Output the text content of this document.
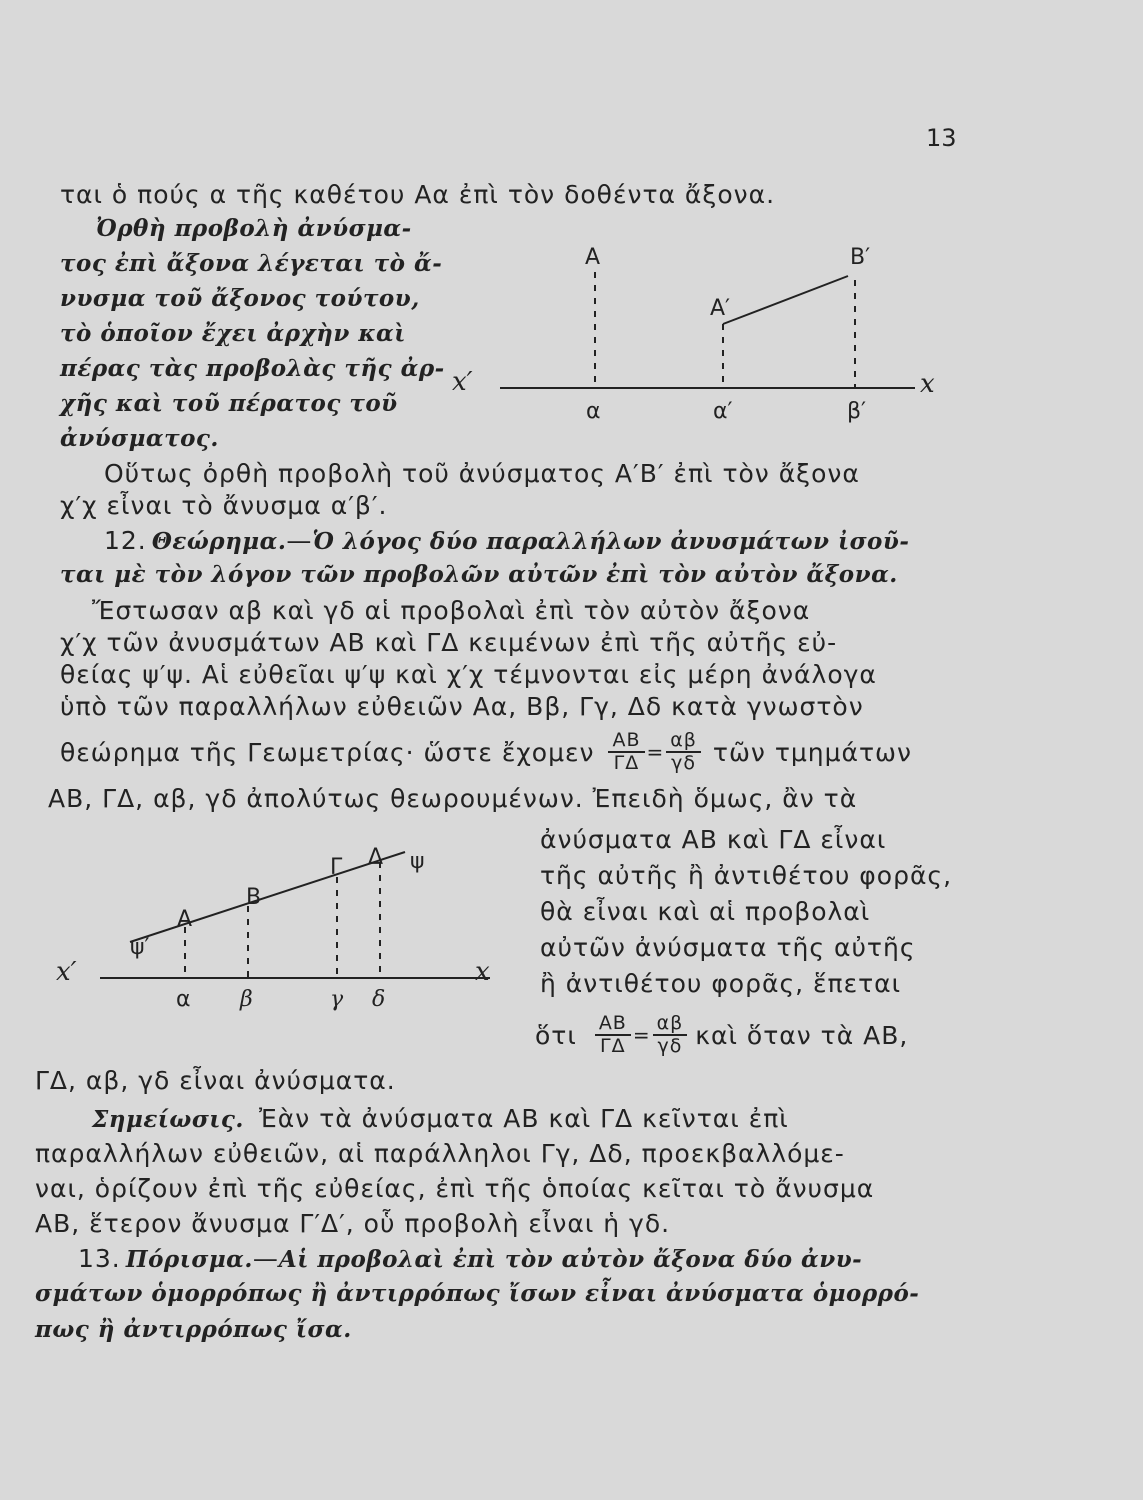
13
ται ὁ πούς α τῆς καθέτου Αα ἐπὶ τὸν δοθέντα ἄξονα.
Ὀρθὴ προβολὴ ἀνύσμα-
τος ἐπὶ ἄξονα λέγεται τὸ ἄ-
νυσμα τοῦ ἄξονος τούτου,
τὸ ὁποῖον ἔχει ἀρχὴν καὶ
πέρας τὰς προβολὰς τῆς ἀρ-
χῆς καὶ τοῦ πέρατος τοῦ
ἀνύσματος.
A	B′
A′
x′	x
α	α′	β′
Οὕτως ὀρθὴ προβολὴ τοῦ ἀνύσματος Α′Β′ ἐπὶ τὸν ἄξονα
χ′χ εἶναι τὸ ἄνυσμα α′β′.
12. Θεώρημα.—Ὁ λόγος δύο παραλλήλων ἀνυσμάτων ἰσοῦ-
ται μὲ τὸν λόγον τῶν προβολῶν αὐτῶν ἐπὶ τὸν αὐτὸν ἄξονα.
Ἔστωσαν αβ καὶ γδ αἱ προβολαὶ ἐπὶ τὸν αὐτὸν ἄξονα
χ′χ τῶν ἀνυσμάτων ΑΒ καὶ ΓΔ κειμένων ἐπὶ τῆς αὐτῆς εὐ-
θείας ψ′ψ. Αἱ εὐθεῖαι ψ′ψ καὶ χ′χ τέμνονται εἰς μέρη ἀνάλογα
ὑπὸ τῶν παραλλήλων εὐθειῶν Αα, Ββ, Γγ, Δδ κατὰ γνωστὸν
θεώρημα τῆς Γεωμετρίας· ὥστε ἔχομεν $\frac{AB}{\Gamma\Delta} = \frac{\alpha\beta}{\gamma\delta}$ τῶν τμημάτων
ΑΒ, ΓΔ, αβ, γδ ἀπολύτως θεωρουμένων. Ἐπειδὴ ὅμως, ἂν τὰ
ψ
ψ′
A
B
Γ Δ
x′	x
α β	γ δ
ἀνύσματα ΑΒ καὶ ΓΔ εἶναι
τῆς αὐτῆς ἢ ἀντιθέτου φορᾶς,
θὰ εἶναι καὶ αἱ προβολαὶ
αὐτῶν ἀνύσματα τῆς αὐτῆς
ἢ ἀντιθέτου φορᾶς, ἕπεται
ὅτι $\frac{AB}{\Gamma\Delta} = \frac{\alpha\beta}{\gamma\delta}$ καὶ ὅταν τὰ ΑΒ,
ΓΔ, αβ, γδ εἶναι ἀνύσματα.
Σημείωσις. Ἐὰν τὰ ἀνύσματα ΑΒ καὶ ΓΔ κεῖνται ἐπὶ
παραλλήλων εὐθειῶν, αἱ παράλληλοι Γγ, Δδ, προεκβαλλόμε-
ναι, ὁρίζουν ἐπὶ τῆς εὐθείας, ἐπὶ τῆς ὁποίας κεῖται τὸ ἄνυσμα
ΑΒ, ἕτερον ἄνυσμα Γ′Δ′, οὗ προβολὴ εἶναι ἡ γδ.
13. Πόρισμα.—Αἱ προβολαὶ ἐπὶ τὸν αὐτὸν ἄξονα δύο ἀνυ-
σμάτων ὁμορρόπως ἢ ἀντιρρόπως ἴσων εἶναι ἀνύσματα ὁμορρό-
πως ἢ ἀντιρρόπως ἴσα.
